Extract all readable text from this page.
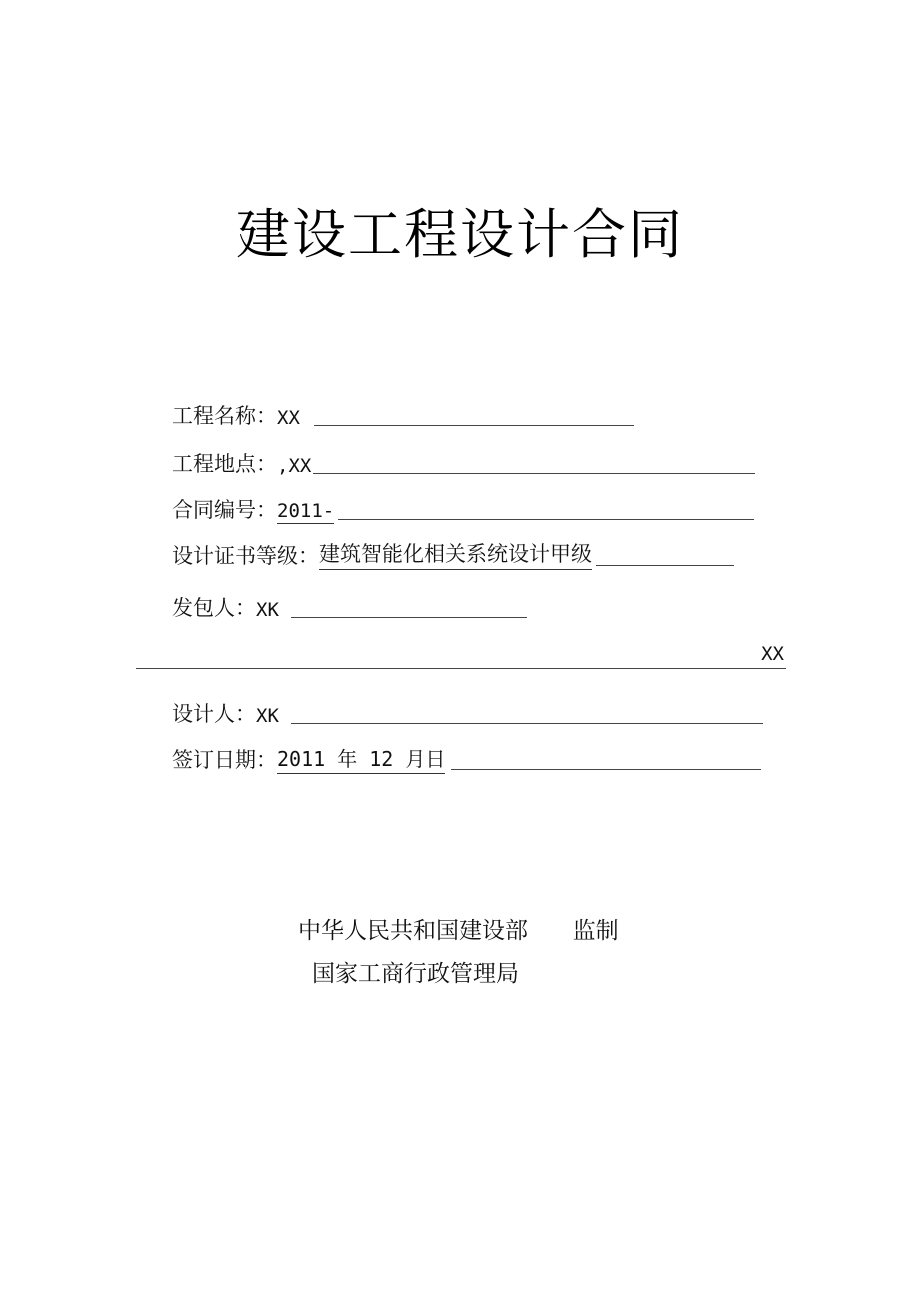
建设工程设计合同
工程名称： XX
工程地点： ,XX
合同编号： 2011-
设计证书等级： 建筑智能化相关系统设计甲级
发包人： XK
XX
设计人： XK
签订日期： 2011 年 12 月日
中华人民共和国建设部 监制
国家工商行政管理局
